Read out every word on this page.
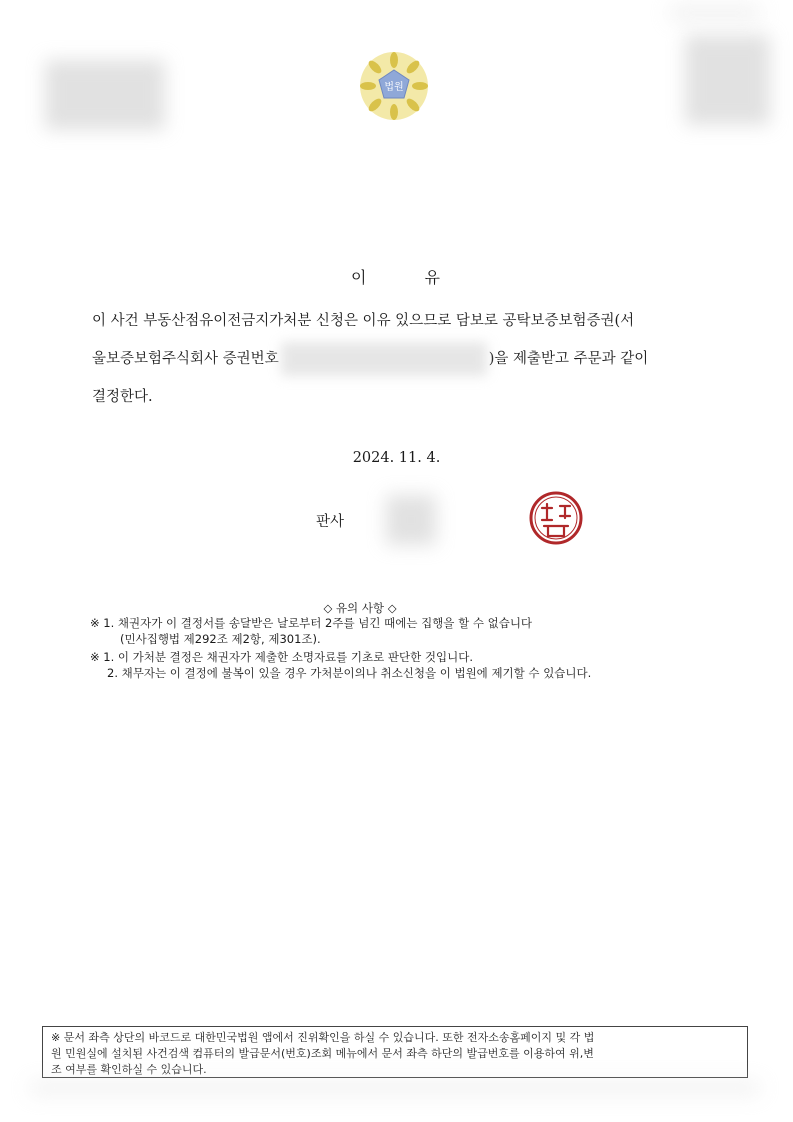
법원
이	유
이 사건 부동산점유이전금지가처분 신청은 이유 있으므로 담보로 공탁보증보험증권(서
울보증보험주식회사 증권번호	)을 제출받고 주문과 같이
결정한다.
2024. 11. 4.
판사
◇ 유의 사항 ◇
※ 1. 채권자가 이 결정서를 송달받은 날로부터 2주를 넘긴 때에는 집행을 할 수 없습니다
(민사집행법 제292조 제2항, 제301조).
※ 1. 이 가처분 결정은 채권자가 제출한 소명자료를 기초로 판단한 것입니다.
2. 채무자는 이 결정에 불복이 있을 경우 가처분이의나 취소신청을 이 법원에 제기할 수 있습니다.
※ 문서 좌측 상단의 바코드로 대한민국법원 앱에서 진위확인을 하실 수 있습니다. 또한 전자소송홈페이지 및 각 법
원 민원실에 설치된 사건검색 컴퓨터의 발급문서(번호)조회 메뉴에서 문서 좌측 하단의 발급번호를 이용하여 위,변
조 여부를 확인하실 수 있습니다.
